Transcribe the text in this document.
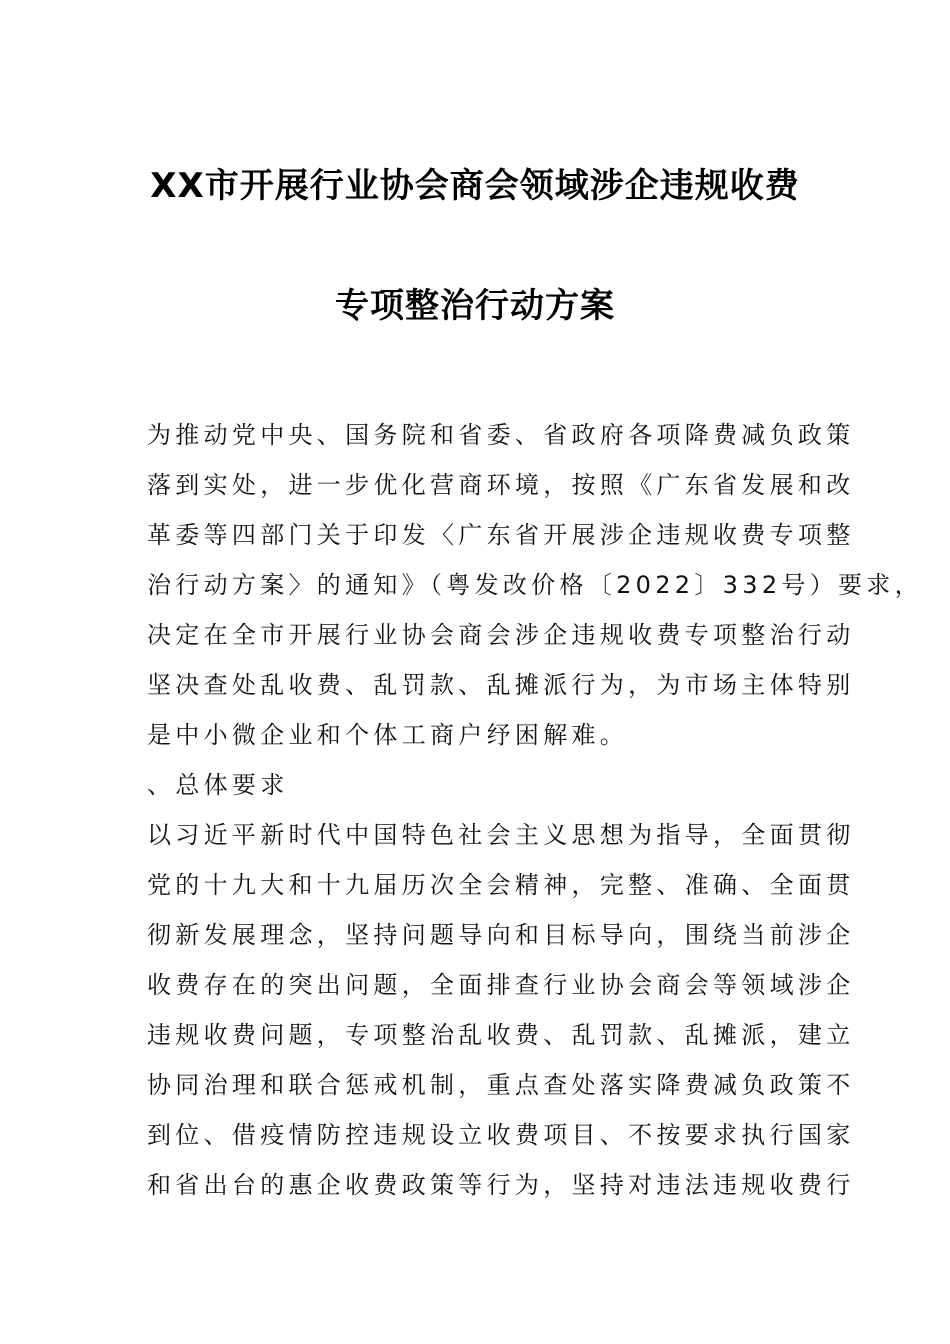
XX市开展行业协会商会领域涉企违规收费
专项整治行动方案
为推动党中央、国务院和省委、省政府各项降费减负政策
落到实处，进一步优化营商环境，按照《广东省发展和改
革委等四部门关于印发〈广东省开展涉企违规收费专项整
治行动方案〉的通知》（粤发改价格〔2022〕332号）要求，
决定在全市开展行业协会商会涉企违规收费专项整治行动
坚决查处乱收费、乱罚款、乱摊派行为，为市场主体特别
是中小微企业和个体工商户纾困解难。
、总体要求
以习近平新时代中国特色社会主义思想为指导，全面贯彻
党的十九大和十九届历次全会精神，完整、准确、全面贯
彻新发展理念，坚持问题导向和目标导向，围绕当前涉企
收费存在的突出问题，全面排查行业协会商会等领域涉企
违规收费问题，专项整治乱收费、乱罚款、乱摊派，建立
协同治理和联合惩戒机制，重点查处落实降费减负政策不
到位、借疫情防控违规设立收费项目、不按要求执行国家
和省出台的惠企收费政策等行为，坚持对违法违规收费行
